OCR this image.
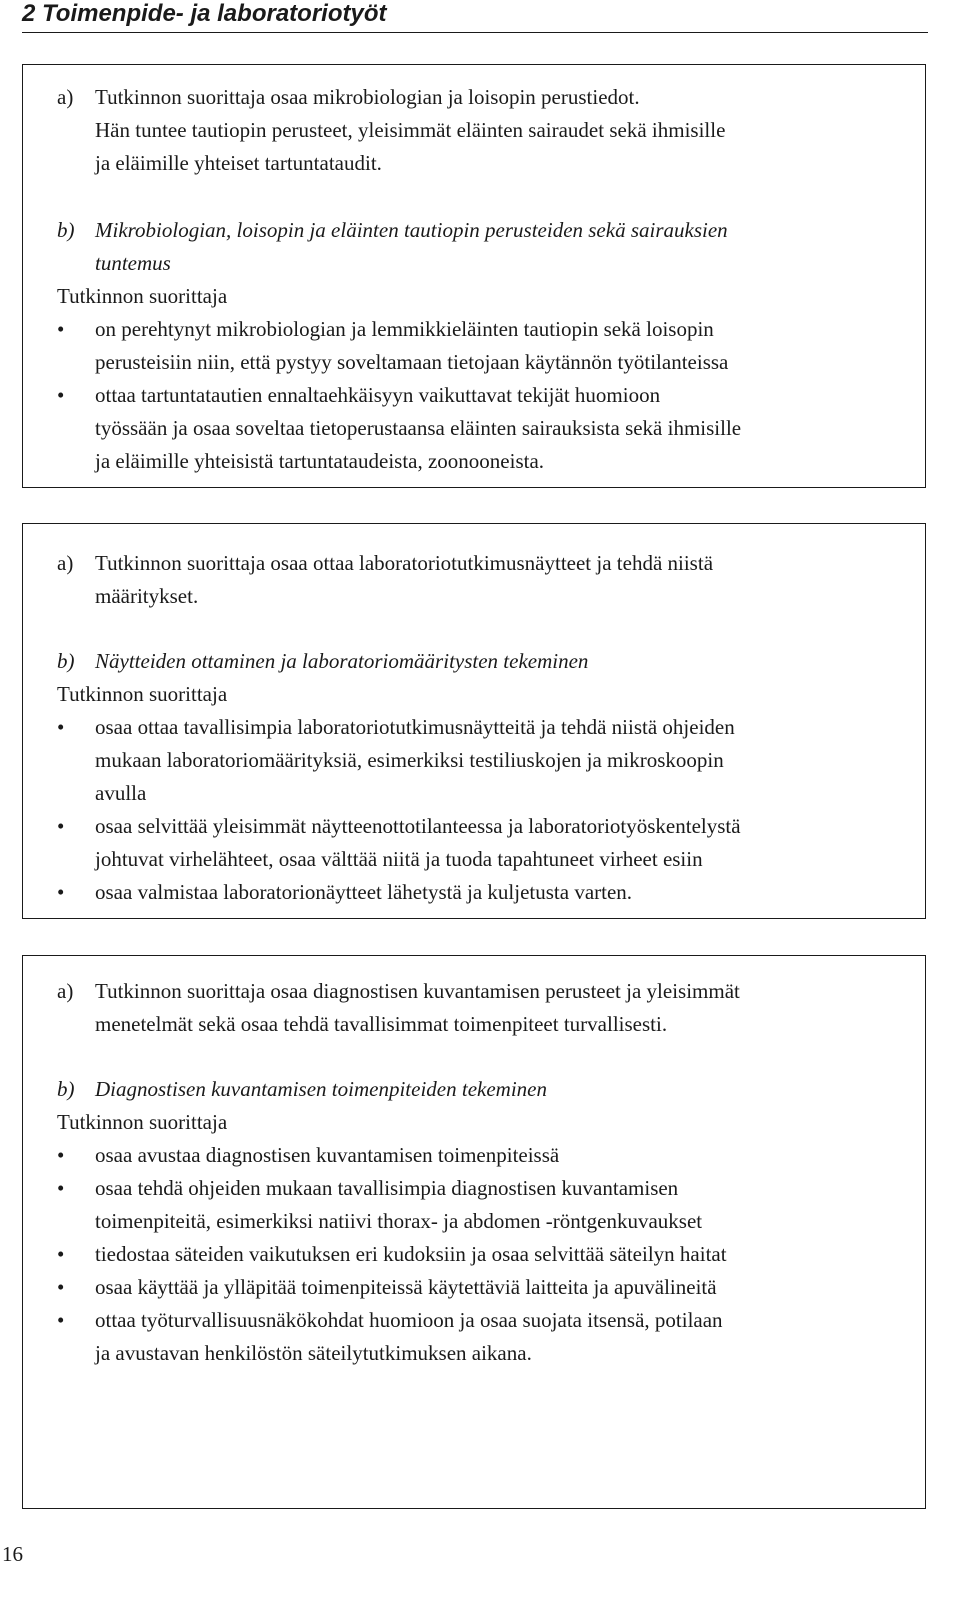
2 Toimenpide- ja laboratoriotyöt
a) Tutkinnon suorittaja osaa mikrobiologian ja loisopin perustiedot.
Hän tuntee tautiopin perusteet, yleisimmät eläinten sairaudet sekä ihmisille
ja eläimille yhteiset tartuntataudit.
b) Mikrobiologian, loisopin ja eläinten tautiopin perusteiden sekä sairauksien
tuntemus
Tutkinnon suorittaja
• on perehtynyt mikrobiologian ja lemmikkieläinten tautiopin sekä loisopin
perusteisiin niin, että pystyy soveltamaan tietojaan käytännön työtilanteissa
• ottaa tartuntatautien ennaltaehkäisyyn vaikuttavat tekijät huomioon
työssään ja osaa soveltaa tietoperustaansa eläinten sairauksista sekä ihmisille
ja eläimille yhteisistä tartuntataudeista, zoonooneista.
a) Tutkinnon suorittaja osaa ottaa laboratoriotutkimusnäytteet ja tehdä niistä
määritykset.
b) Näytteiden ottaminen ja laboratoriomääritysten tekeminen
Tutkinnon suorittaja
• osaa ottaa tavallisimpia laboratoriotutkimusnäytteitä ja tehdä niistä ohjeiden
mukaan laboratoriomäärityksiä, esimerkiksi testiliuskojen ja mikroskoopin
avulla
• osaa selvittää yleisimmät näytteenottotilanteessa ja laboratoriotyöskentelystä
johtuvat virhelähteet, osaa välttää niitä ja tuoda tapahtuneet virheet esiin
• osaa valmistaa laboratorionäytteet lähetystä ja kuljetusta varten.
a) Tutkinnon suorittaja osaa diagnostisen kuvantamisen perusteet ja yleisimmät
menetelmät sekä osaa tehdä tavallisimmat toimenpiteet turvallisesti.
b) Diagnostisen kuvantamisen toimenpiteiden tekeminen
Tutkinnon suorittaja
• osaa avustaa diagnostisen kuvantamisen toimenpiteissä
• osaa tehdä ohjeiden mukaan tavallisimpia diagnostisen kuvantamisen
toimenpiteitä, esimerkiksi natiivi thorax- ja abdomen -röntgenkuvaukset
• tiedostaa säteiden vaikutuksen eri kudoksiin ja osaa selvittää säteilyn haitat
• osaa käyttää ja ylläpitää toimenpiteissä käytettäviä laitteita ja apuvälineitä
• ottaa työturvallisuusnäkökohdat huomioon ja osaa suojata itsensä, potilaan
ja avustavan henkilöstön säteilytutkimuksen aikana.
16
